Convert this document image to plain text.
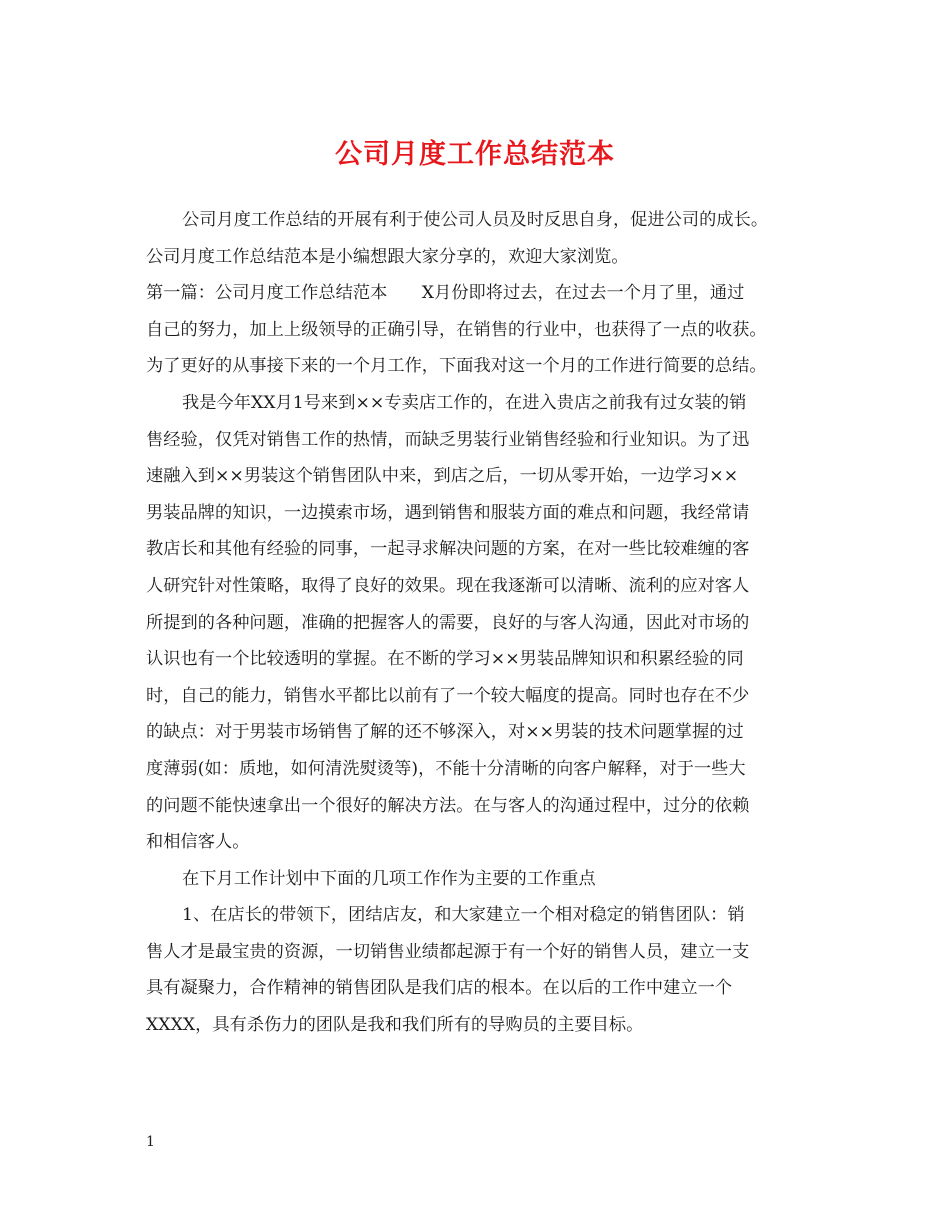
公司月度工作总结范本
公司月度工作总结的开展有利于使公司人员及时反思自身，促进公司的成长。
公司月度工作总结范本是小编想跟大家分享的，欢迎大家浏览。
第一篇：公司月度工作总结范本　　X月份即将过去，在过去一个月了里，通过
自己的努力，加上上级领导的正确引导，在销售的行业中，也获得了一点的收获。
为了更好的从事接下来的一个月工作，下面我对这一个月的工作进行简要的总结。
我是今年XX月1号来到××专卖店工作的，在进入贵店之前我有过女装的销
售经验，仅凭对销售工作的热情，而缺乏男装行业销售经验和行业知识。为了迅
速融入到××男装这个销售团队中来，到店之后，一切从零开始，一边学习××
男装品牌的知识，一边摸索市场，遇到销售和服装方面的难点和问题，我经常请
教店长和其他有经验的同事，一起寻求解决问题的方案，在对一些比较难缠的客
人研究针对性策略，取得了良好的效果。现在我逐渐可以清晰、流利的应对客人
所提到的各种问题，准确的把握客人的需要，良好的与客人沟通，因此对市场的
认识也有一个比较透明的掌握。在不断的学习××男装品牌知识和积累经验的同
时，自己的能力，销售水平都比以前有了一个较大幅度的提高。同时也存在不少
的缺点：对于男装市场销售了解的还不够深入，对××男装的技术问题掌握的过
度薄弱(如：质地，如何清洗熨烫等)，不能十分清晰的向客户解释，对于一些大
的问题不能快速拿出一个很好的解决方法。在与客人的沟通过程中，过分的依赖
和相信客人。
在下月工作计划中下面的几项工作作为主要的工作重点
1、在店长的带领下，团结店友，和大家建立一个相对稳定的销售团队：销
售人才是最宝贵的资源，一切销售业绩都起源于有一个好的销售人员，建立一支
具有凝聚力，合作精神的销售团队是我们店的根本。在以后的工作中建立一个
XXXX，具有杀伤力的团队是我和我们所有的导购员的主要目标。
1
